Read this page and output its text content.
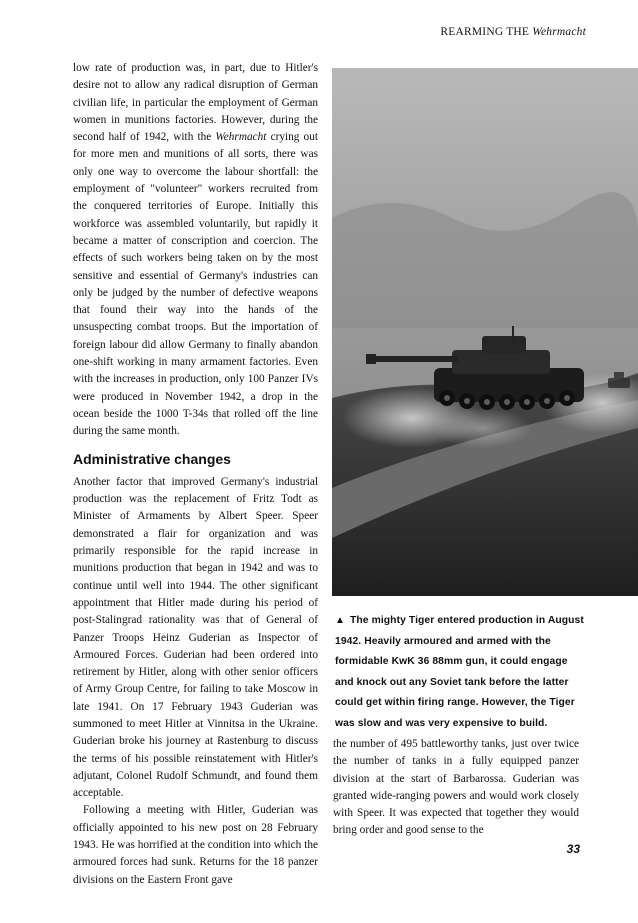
REARMING THE Wehrmacht

low rate of production was, in part, due to Hitler's desire not to allow any radical disruption of German civilian life, in particular the employment of German women in munitions factories. However, during the second half of 1942, with the Wehrmacht crying out for more men and munitions of all sorts, there was only one way to overcome the labour shortfall: the employment of "volunteer" workers recruited from the conquered territories of Europe. Initially this workforce was assembled voluntarily, but rapidly it became a matter of conscription and coercion. The effects of such workers being taken on by the most sensitive and essential of Germany's industries can only be judged by the number of defective weapons that found their way into the hands of the unsuspecting combat troops. But the importation of foreign labour did allow Germany to finally abandon one-shift working in many armament factories. Even with the increases in production, only 100 Panzer IVs were produced in November 1942, a drop in the ocean beside the 1000 T-34s that rolled off the line during the same month.

Administrative changes

Another factor that improved Germany's industrial production was the replacement of Fritz Todt as Minister of Armaments by Albert Speer. Speer demonstrated a flair for organization and was primarily responsible for the rapid increase in munitions production that began in 1942 and was to continue until well into 1944. The other significant appointment that Hitler made during his period of post-Stalingrad rationality was that of General of Panzer Troops Heinz Guderian as Inspector of Armoured Forces. Guderian had been ordered into retirement by Hitler, along with other senior officers of Army Group Centre, for failing to take Moscow in late 1941. On 17 February 1943 Guderian was summoned to meet Hitler at Vinnitsa in the Ukraine. Guderian broke his journey at Rastenburg to discuss the terms of his possible reinstatement with Hitler's adjutant, Colonel Rudolf Schmundt, and found them acceptable.

Following a meeting with Hitler, Guderian was officially appointed to his new post on 28 February 1943. He was horrified at the condition into which the armoured forces had sunk. Returns for the 18 panzer divisions on the Eastern Front gave

▲ The mighty Tiger entered production in August 1942. Heavily armoured and armed with the formidable KwK 36 88mm gun, it could engage and knock out any Soviet tank before the latter could get within firing range. However, the Tiger was slow and was very expensive to build.

the number of 495 battleworthy tanks, just over twice the number of tanks in a fully equipped panzer division at the start of Barbarossa. Guderian was granted wide-ranging powers and would work closely with Speer. It was expected that together they would bring order and good sense to the

33
